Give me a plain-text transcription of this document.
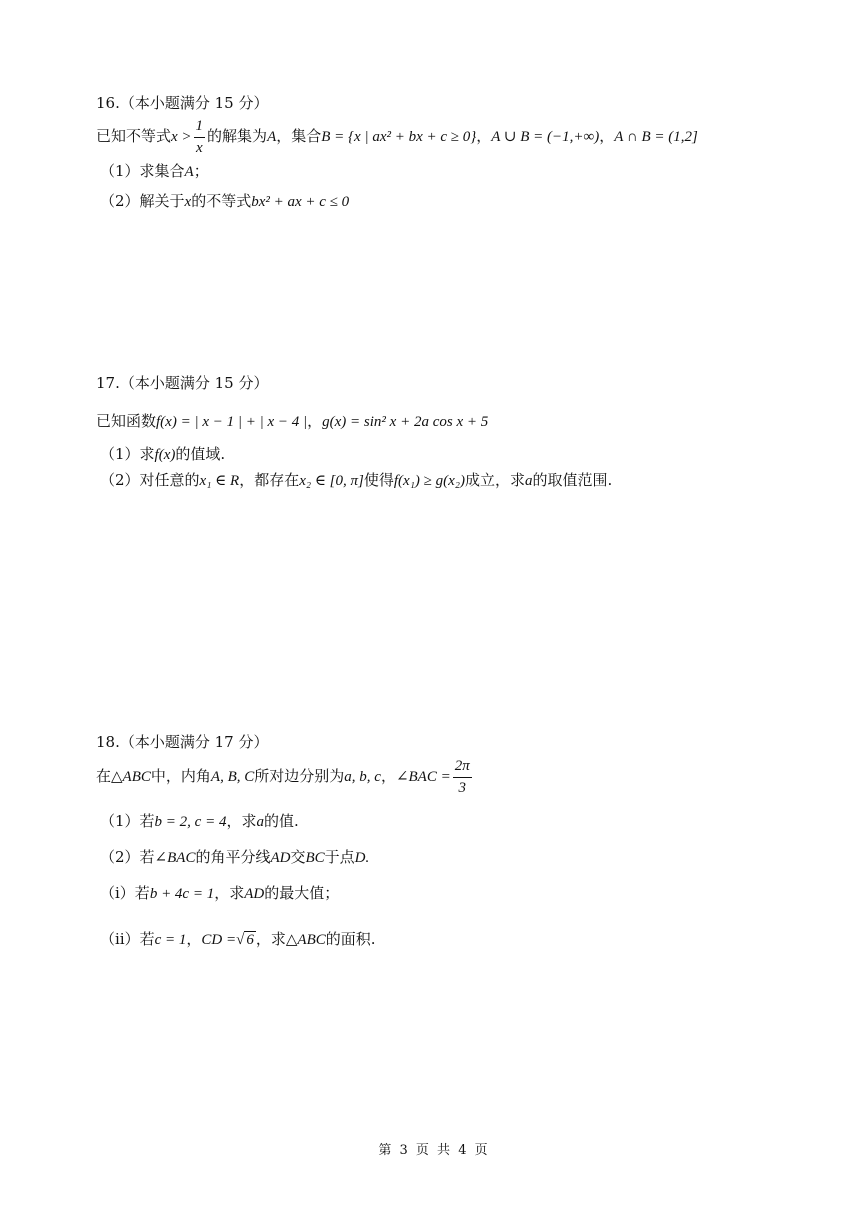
16.（本小题满分 15 分）
已知不等式$x > \frac{1}{x}$ 的解集为A，集合B = {x | ax² + bx + c ≥ 0}，A ∪ B = (−1,+∞)，A ∩ B = (1,2]
（1）求集合A；
（2）解关于x的不等式bx² + ax + c ≤ 0
17.（本小题满分 15 分）
已知函数f(x) = | x − 1 | + | x − 4 |，g(x) = sin² x + 2a cos x + 5
（1）求f(x)的值域.
（2）对任意的x₁ ∈ R，都存在x₂ ∈ [0, π]使得f(x₁) ≥ g(x₂)成立，求a的取值范围.
18.（本小题满分 17 分）
在△ABC中，内角A, B, C所对边分别为a, b, c，∠BAC = $\frac{2\pi}{3}$
（1）若b = 2, c = 4，求a的值.
（2）若∠BAC的角平分线AD交BC于点D.
（ⅰ）若b + 4c = 1，求AD的最大值；
（ⅱ）若c = 1，CD =√ 6 ，求△ABC的面积.
第 3 页 共 4 页
